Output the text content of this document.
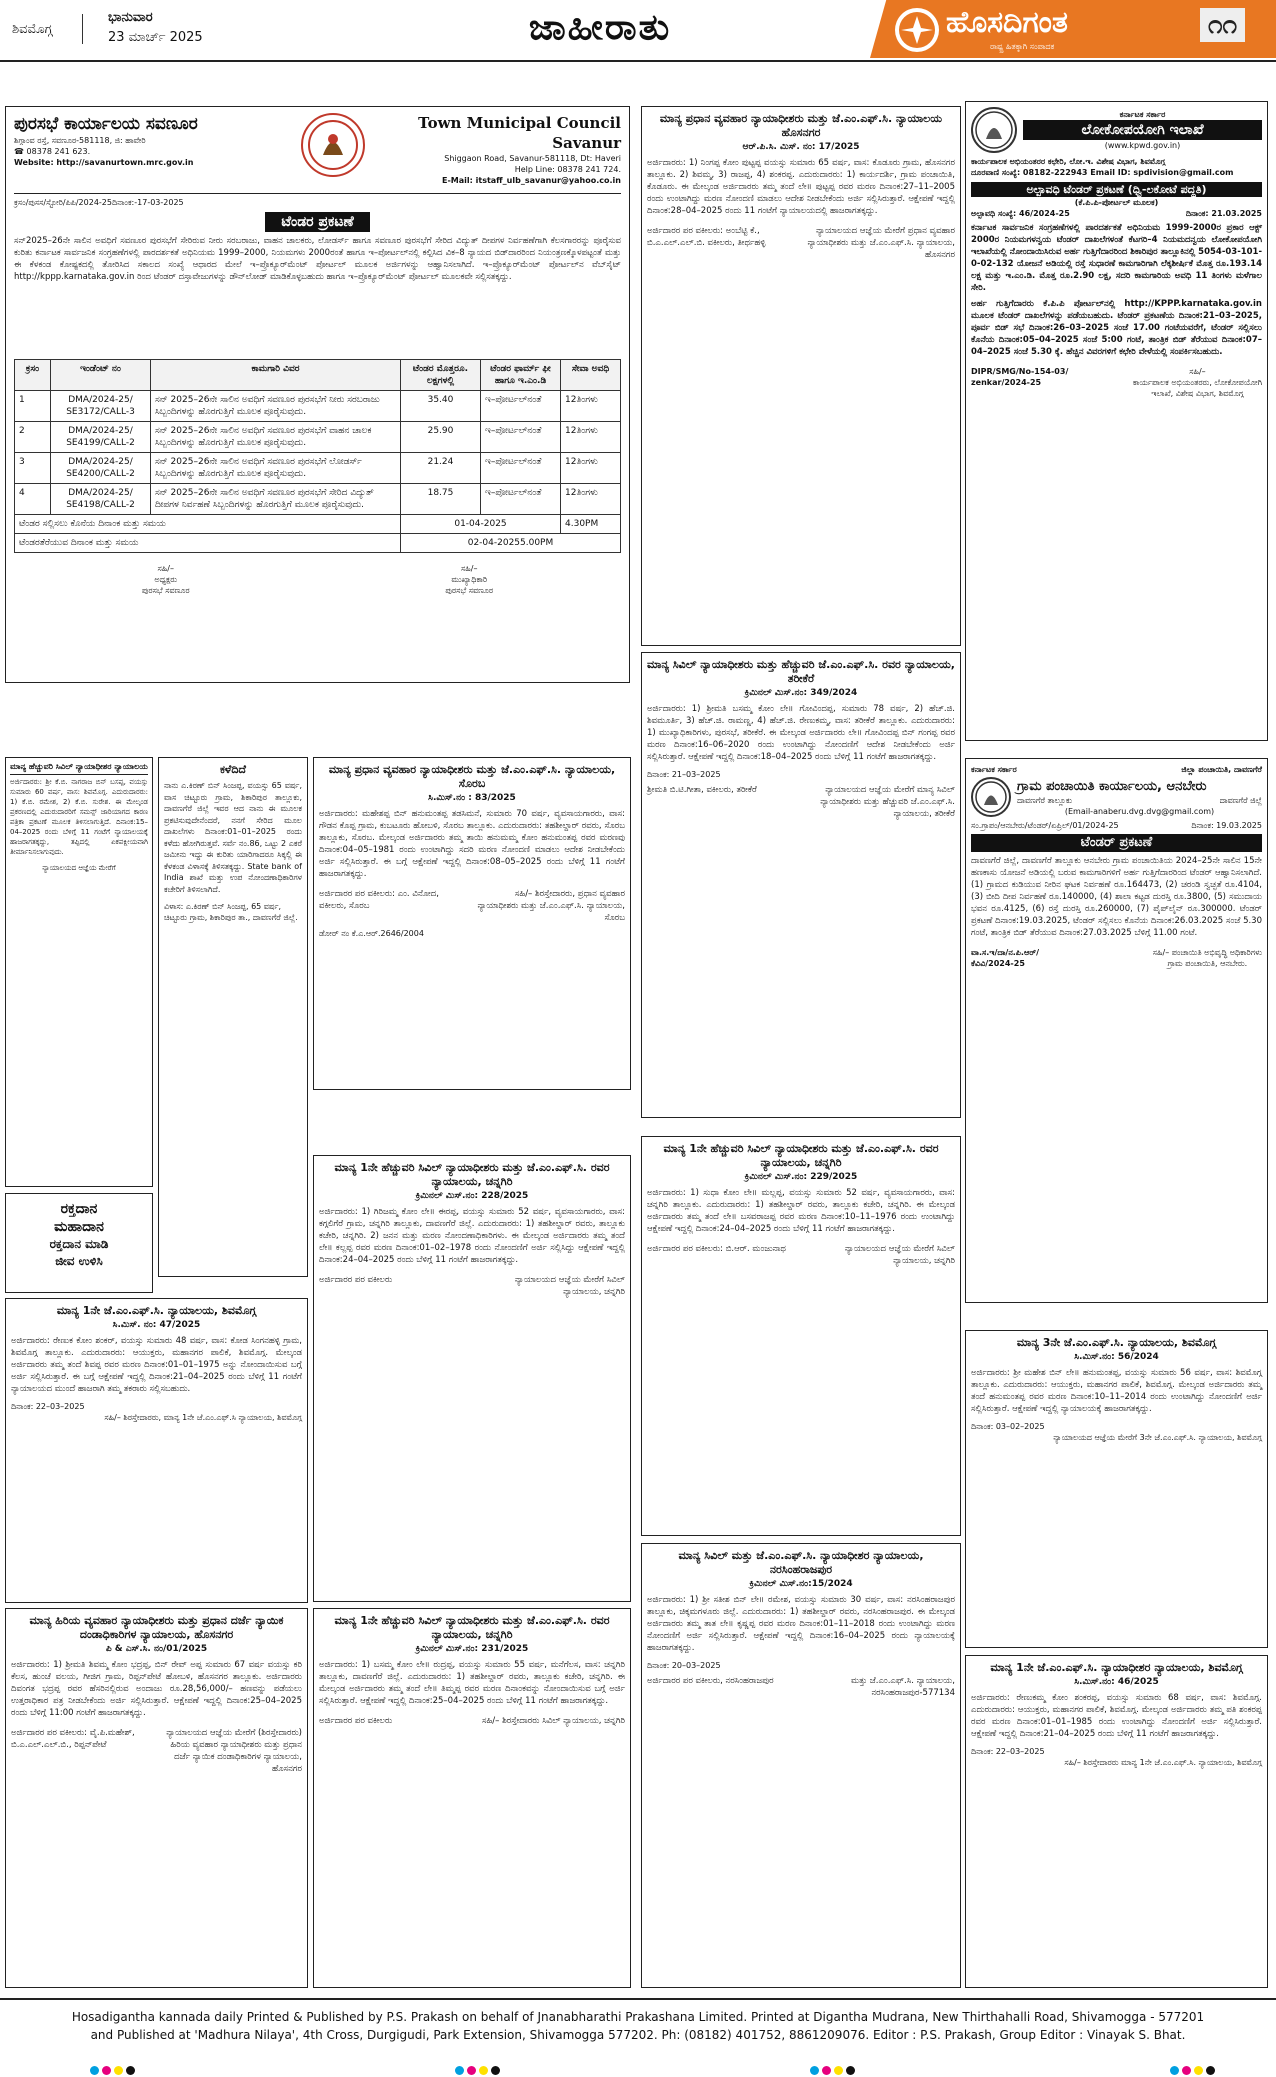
ಶಿವಮೊಗ್ಗ
ಭಾನುವಾರ
23 ಮಾರ್ಚ್ 2025	ಜಾಹೀರಾತು	ಹೊಸದಿಗಂತ
ರಾಷ್ಟ್ರ ಹಿತಕ್ಕಾಗಿ ಸಂಪಾದಕ
೧೧
ಪುರಸಭೆ ಕಾರ್ಯಾಲಯ ಸವಣೂರ
ಶಿಗ್ಗಾಂವ ರಸ್ತೆ, ಸವಣೂರ-581118, ಜಿ: ಹಾವೇರಿ
☎ 08378 241 623.
Website: http://savanurtown.mrc.gov.in
Town Municipal Council Savanur
Shiggaon Road, Savanur-581118, Dt: Haveri
Help Line: 08378 241 724.
E-Mail: itstaff_ulb_savanur@yahoo.co.in
ಕ್ರಸಂ/ಪುಸಸ/ಸ್ಟೋರಿ/ಪಿಪಿ/2024-25ದಿನಾಂಕ:-17-03-2025
ಟೆಂಡರ ಪ್ರಕಟಣೆ
ಸನ್2025–26ನೇ ಸಾಲಿನ ಅವಧಿಗೆ ಸವಣೂರ ಪುರಸಭೆಗೆ ಸೇರಿರುವ ನೀರು ಸರಬರಾಜು, ವಾಹನ ಚಾಲಕರು, ಲೋಡರ್ಸ್ ಹಾಗೂ ಸವಣೂರ ಪುರಸಭೆಗೆ ಸೇರಿದ ವಿದ್ಯುತ್ ದೀಪಗಳ ನಿರ್ವಹಣೆಗಾಗಿ ಕೆಲಸಗಾರರನ್ನು ಪೂರೈಸುವ ಕುರಿತು ಕರ್ನಾಟಕ ಸಾರ್ವಜನಿಕ ಸಂಗ್ರಹಣೆಗಳಲ್ಲಿ ಪಾರದರ್ಶಕತೆ ಅಧಿನಿಯಮ 1999–2000, ನಿಯಮಗಳು 2000ರಂತೆ ಹಾಗೂ ಇ–ಪೋರ್ಟಲ್‌ನಲ್ಲಿ ಕಲ್ಪಿಸಿದ ವಿಕ–8 ನ್ಯಾಯದ ಬಿಡ್‌ದಾರರಿಂದ ನಿಯಂತ್ರಣಕ್ಕೊಳಪಟ್ಟಂತೆ ಮತ್ತು ಈ ಕೆಳಕಂಡ ಕೋಷ್ಟಕದಲ್ಲಿ ತೋರಿಸಿದ ಸಕಾಲದ ಸಂಖ್ಯೆ ಆಧಾರದ ಮೇಲೆ ಇ–ಪ್ರೊಕ್ಯೂರ್‌ಮೆಂಟ್ ಪೋರ್ಟಲ್ ಮೂಲಕ ಅರ್ಜಿಗಳನ್ನು ಆಹ್ವಾನಿಸಲಾಗಿದೆ. ಇ–ಪ್ರೊಕ್ಯೂರ್‌ಮೆಂಟ್ ಪೋರ್ಟಲ್‌ನ ವೆಬ್‌ಸೈಟ್ http://kppp.karnataka.gov.in ರಿಂದ ಟೆಂಡರ್ ದಸ್ತಾವೇಜುಗಳನ್ನು ಡೌನ್‌ಲೋಡ್ ಮಾಡಿಕೊಳ್ಳಬಹುದು ಹಾಗೂ ಇ–ಪ್ರೊಕ್ಯೂರ್‌ಮೆಂಟ್ ಪೋರ್ಟಲ್ ಮೂಲಕವೇ ಸಲ್ಲಿಸತಕ್ಕದ್ದು.
ಕ್ರಸಂ	ಇಂಡೆಂಟ್ ನಂ	ಕಾಮಗಾರಿ ವಿವರ	ಟೆಂಡರ ಮೊತ್ತರೂ. ಲಕ್ಷಗಳಲ್ಲಿ	ಟೆಂಡರ ಫಾರ್ಮ್ ಫೀ ಹಾಗೂ ಇ.ಎಂ.ಡಿ	ಸೇವಾ ಅವಧಿ
1	DMA/2024-25/ SE3172/CALL-3	ಸನ್ 2025–26ನೇ ಸಾಲಿನ ಅವಧಿಗೆ ಸವಣೂರ ಪುರಸಭೆಗೆ ನೀರು ಸರಬರಾಜು ಸಿಬ್ಬಂದಿಗಳನ್ನು ಹೊರಗುತ್ತಿಗೆ ಮೂಲಕ ಪೂರೈಸುವುದು.	35.40	ಇ–ಪೋರ್ಟಲ್‌ನಂತೆ	12ತಿಂಗಳು
2	DMA/2024-25/ SE4199/CALL-2	ಸನ್ 2025–26ನೇ ಸಾಲಿನ ಅವಧಿಗೆ ಸವಣೂರ ಪುರಸಭೆಗೆ ವಾಹನ ಚಾಲಕ ಸಿಬ್ಬಂದಿಗಳನ್ನು ಹೊರಗುತ್ತಿಗೆ ಮೂಲಕ ಪೂರೈಸುವುದು.	25.90	ಇ–ಪೋರ್ಟಲ್‌ನಂತೆ	12ತಿಂಗಳು
3	DMA/2024-25/ SE4200/CALL-2	ಸನ್ 2025–26ನೇ ಸಾಲಿನ ಅವಧಿಗೆ ಸವಣೂರ ಪುರಸಭೆಗೆ ಲೋಡರ್ಸ್ ಸಿಬ್ಬಂದಿಗಳನ್ನು ಹೊರಗುತ್ತಿಗೆ ಮೂಲಕ ಪೂರೈಸುವುದು.	21.24	ಇ–ಪೋರ್ಟಲ್‌ನಂತೆ	12ತಿಂಗಳು
4	DMA/2024-25/ SE4198/CALL-2	ಸನ್ 2025–26ನೇ ಸಾಲಿನ ಅವಧಿಗೆ ಸವಣೂರ ಪುರಸಭೆಗೆ ಸೇರಿದ ವಿದ್ಯುತ್ ದೀಪಗಳ ನಿರ್ವಹಣೆ ಸಿಬ್ಬಂದಿಗಳನ್ನು ಹೊರಗುತ್ತಿಗೆ ಮೂಲಕ ಪೂರೈಸುವುದು.	18.75	ಇ–ಪೋರ್ಟಲ್‌ನಂತೆ	12ತಿಂಗಳು
ಟೆಂಡರ ಸಲ್ಲಿಸಲು ಕೊನೆಯ ದಿನಾಂಕ ಮತ್ತು ಸಮಯ			01-04-2025		4.30PM
ಟೆಂಡರತೆರೆಯುವ ದಿನಾಂಕ ಮತ್ತು ಸಮಯ			02-04-20255.00PM		
ಸಹಿ/–
ಅಧ್ಯಕ್ಷರು
ಪುರಸಭೆ ಸವಣೂರ
ಸಹಿ/–
ಮುಖ್ಯಾಧಿಕಾರಿ
ಪುರಸಭೆ ಸವಣೂರ
ಮಾನ್ಯ ಹೆಚ್ಚುವರಿ ಸಿವಿಲ್ ನ್ಯಾಯಾಧೀಶರ ನ್ಯಾಯಾಲಯ
ಅರ್ಜಿದಾರರು: ಶ್ರೀ ಕೆ.ಬಿ. ನಾಗರಾಜ ಬಿನ್ ಬಸಪ್ಪ, ವಯಸ್ಸು ಸುಮಾರು 60 ವರ್ಷ, ವಾಸ: ಶಿವಮೊಗ್ಗ. ಎದುರುದಾರರು: 1) ಕೆ.ಬಿ. ರಮೇಶ, 2) ಕೆ.ಬಿ. ಸುರೇಶ. ಈ ಮೇಲ್ಕಂಡ ಪ್ರಕರಣದಲ್ಲಿ ಎದುರುದಾರರಿಗೆ ಸಮನ್ಸ್ ಜಾರಿಯಾಗದ ಕಾರಣ ಪತ್ರಿಕಾ ಪ್ರಕಟಣೆ ಮೂಲಕ ತಿಳಿಸಲಾಗುತ್ತಿದೆ. ದಿನಾಂಕ:15–04–2025 ರಂದು ಬೆಳಿಗ್ಗೆ 11 ಗಂಟೆಗೆ ನ್ಯಾಯಾಲಯಕ್ಕೆ ಹಾಜರಾಗತಕ್ಕದ್ದು, ತಪ್ಪಿದಲ್ಲಿ ಏಕಪಕ್ಷೀಯವಾಗಿ ತೀರ್ಮಾನಿಸಲಾಗುವುದು.
ನ್ಯಾಯಾಲಯದ ಆಜ್ಞೆಯ ಮೇರೆಗೆ
ರಕ್ತದಾನ
ಮಹಾದಾನ
ರಕ್ತದಾನ ಮಾಡಿ
ಜೀವ ಉಳಿಸಿ
ಕಳೆದಿದೆ
ನಾನು ಎ.ಕಿರಣ್ ಬಿನ್ ಸಿಂಜಪ್ಪ, ವಯಸ್ಸು 65 ವರ್ಷ, ವಾಸ ಚಿಟ್ಟೂರು ಗ್ರಾಮ, ಶಿಕಾರಿಪುರ ತಾಲ್ಲೂಕು, ದಾವಣಗೆರೆ ಜಿಲ್ಲೆ ಇವರ ಆದ ನಾನು ಈ ಮೂಲಕ ಪ್ರಕಟಿಸುವುದೇನೆಂದರೆ, ನನಗೆ ಸೇರಿದ ಮೂಲ ದಾಖಲೆಗಳು ದಿನಾಂಕ:01–01–2025 ರಂದು ಕಳೆದು ಹೋಗಿರುತ್ತವೆ. ಸರ್ವೆ ನಂ.86, ಒಟ್ಟು 2 ಎಕರೆ ಜಮೀನು ಇದ್ದು ಈ ಕುರಿತು ಯಾರಿಗಾದರೂ ಸಿಕ್ಕಲ್ಲಿ ಈ ಕೆಳಕಂಡ ವಿಳಾಸಕ್ಕೆ ತಿಳಿಸತಕ್ಕದ್ದು. State bank of India ಶಾಖೆ ಮತ್ತು ಉಪ ನೋಂದಣಾಧಿಕಾರಿಗಳ ಕಚೇರಿಗೆ ತಿಳಿಸಲಾಗಿದೆ.
ವಿಳಾಸ: ಎ.ಕಿರಣ್ ಬಿನ್ ಸಿಂಜಪ್ಪ, 65 ವರ್ಷ, ಚಿಟ್ಟೂರು ಗ್ರಾಮ, ಶಿಕಾರಿಪುರ ತಾ., ದಾವಣಗೆರೆ ಜಿಲ್ಲೆ.
ಮಾನ್ಯ 1ನೇ ಜೆ.ಎಂ.ಎಫ್.ಸಿ. ನ್ಯಾಯಾಲಯ, ಶಿವಮೊಗ್ಗ
ಸಿ.ಮಿಸ್. ನಂ: 47/2025
ಅರ್ಜಿದಾರರು: ರೇಣುಕ ಕೋಂ ಶಂಕರ್, ವಯಸ್ಸು ಸುಮಾರು 48 ವರ್ಷ, ವಾಸ: ಕೋಡ ಸಿಂಗನಹಳ್ಳಿ ಗ್ರಾಮ, ಶಿವಮೊಗ್ಗ ತಾಲ್ಲೂಕು. ಎದುರುದಾರರು: ಆಯುಕ್ತರು, ಮಹಾನಗರ ಪಾಲಿಕೆ, ಶಿವಮೊಗ್ಗ. ಮೇಲ್ಕಂಡ ಅರ್ಜಿದಾರರು ತಮ್ಮ ತಂದೆ ಶಿವಪ್ಪ ರವರ ಮರಣ ದಿನಾಂಕ:01–01–1975 ಅನ್ನು ನೋಂದಾಯಿಸುವ ಬಗ್ಗೆ ಅರ್ಜಿ ಸಲ್ಲಿಸಿರುತ್ತಾರೆ. ಈ ಬಗ್ಗೆ ಆಕ್ಷೇಪಣೆ ಇದ್ದಲ್ಲಿ ದಿನಾಂಕ:21–04–2025 ರಂದು ಬೆಳಿಗ್ಗೆ 11 ಗಂಟೆಗೆ ನ್ಯಾಯಾಲಯದ ಮುಂದೆ ಹಾಜರಾಗಿ ತಮ್ಮ ತಕರಾರು ಸಲ್ಲಿಸಬಹುದು.
ದಿನಾಂಕ: 22–03–2025
ಸಹಿ/– ಶಿರಸ್ತೇದಾರರು, ಮಾನ್ಯ 1ನೇ ಜೆ.ಎಂ.ಎಫ್.ಸಿ ನ್ಯಾಯಾಲಯ, ಶಿವಮೊಗ್ಗ
ಮಾನ್ಯ ಹಿರಿಯ ವ್ಯವಹಾರ ನ್ಯಾಯಾಧೀಶರು ಮತ್ತು ಪ್ರಧಾನ ದರ್ಜೆ ನ್ಯಾಯಿಕ ದಂಡಾಧಿಕಾರಿಗಳ ನ್ಯಾಯಾಲಯ, ಹೊಸನಗರ
ಪಿ & ಎಸ್.ಸಿ. ನಂ/01/2025
ಅರ್ಜಿದಾರರು: 1) ಶ್ರೀಮತಿ ಶಿವಮ್ಮ ಕೋಂ ಭದ್ರಪ್ಪ, ಬಿನ್ ರೇವ್ ಅಪ್ಪ ಸುಮಾರು 67 ವರ್ಷ ವಯಸ್ಸು ಕರಿ ಕೆಲಸ, ಹುಂಚೆ ವಲಯ, ಗೀಜಿಗ ಗ್ರಾಮ, ರಿಪ್ಪನ್‌ಪೇಟೆ ಹೋಬಳಿ, ಹೊಸನಗರ ತಾಲ್ಲೂಕು. ಅರ್ಜಿದಾರರು ದಿವಂಗತ ಭದ್ರಪ್ಪ ರವರ ಹೆಸರಿನಲ್ಲಿರುವ ಅಂದಾಜು ರೂ.28,56,000/– ಹಣವನ್ನು ಪಡೆಯಲು ಉತ್ತರಾಧಿಕಾರ ಪತ್ರ ನೀಡಬೇಕೆಂದು ಅರ್ಜಿ ಸಲ್ಲಿಸಿರುತ್ತಾರೆ. ಆಕ್ಷೇಪಣೆ ಇದ್ದಲ್ಲಿ ದಿನಾಂಕ:25–04–2025 ರಂದು ಬೆಳಿಗ್ಗೆ 11:00 ಗಂಟೆಗೆ ಹಾಜರಾಗತಕ್ಕದ್ದು.
ಅರ್ಜಿದಾರರ ಪರ ವಕೀಲರು: ವೈ.ಪಿ.ಮಹೇಶ್, ಬಿ.ಎ.ಎಲ್.ಎಲ್.ಬಿ., ರಿಪ್ಪನ್‌ಪೇಟೆ
ನ್ಯಾಯಾಲಯದ ಆಜ್ಞೆಯ ಮೇರೆಗೆ (ಶಿರಸ್ತೇದಾರರು) ಹಿರಿಯ ವ್ಯವಹಾರ ನ್ಯಾಯಾಧೀಶರು ಮತ್ತು ಪ್ರಧಾನ ದರ್ಜೆ ನ್ಯಾಯಿಕ ದಂಡಾಧಿಕಾರಿಗಳ ನ್ಯಾಯಾಲಯ, ಹೊಸನಗರ
ಮಾನ್ಯ ಪ್ರಧಾನ ವ್ಯವಹಾರ ನ್ಯಾಯಾಧೀಶರು ಮತ್ತು ಜೆ.ಎಂ.ಎಫ್.ಸಿ. ನ್ಯಾಯಾಲಯ, ಸೊರಬ
ಸಿ.ಮಿಸ್.ನಂ : 83/2025
ಅರ್ಜಿದಾರರು: ಮಹೇಶಪ್ಪ ಬಿನ್ ಹನುಮಂತಪ್ಪ ತಡಸಿಮನೆ, ಸುಮಾರು 70 ವರ್ಷ, ವ್ಯವಸಾಯಗಾರರು, ವಾಸ: ಗೌಡನ ಕೊಪ್ಪ ಗ್ರಾಮ, ಕುಬಟೂರು ಹೋಬಳಿ, ಸೊರಬ ತಾಲ್ಲೂಕು. ಎದುರುದಾರರು: ತಹಶೀಲ್ದಾರ್ ರವರು, ಸೊರಬ ತಾಲ್ಲೂಕು, ಸೊರಬ. ಮೇಲ್ಕಂಡ ಅರ್ಜಿದಾರರು ತಮ್ಮ ತಾಯಿ ಹನುಮಮ್ಮ ಕೋಂ ಹನುಮಂತಪ್ಪ ರವರ ಮರಣವು ದಿನಾಂಕ:04–05–1981 ರಂದು ಉಂಟಾಗಿದ್ದು ಸದರಿ ಮರಣ ನೋಂದಣಿ ಮಾಡಲು ಆದೇಶ ನೀಡಬೇಕೆಂದು ಅರ್ಜಿ ಸಲ್ಲಿಸಿರುತ್ತಾರೆ. ಈ ಬಗ್ಗೆ ಆಕ್ಷೇಪಣೆ ಇದ್ದಲ್ಲಿ ದಿನಾಂಕ:08–05–2025 ರಂದು ಬೆಳಿಗ್ಗೆ 11 ಗಂಟೆಗೆ ಹಾಜರಾಗತಕ್ಕದ್ದು.
ಅರ್ಜಿದಾರರ ಪರ ವಕೀಲರು: ಎಂ. ವಿನೋದ, ವಕೀಲರು, ಸೊರಬ
ಸಹಿ/– ಶಿರಸ್ತೇದಾರರು, ಪ್ರಧಾನ ವ್ಯವಹಾರ ನ್ಯಾಯಾಧೀಶರು ಮತ್ತು ಜೆ.ಎಂ.ಎಫ್.ಸಿ. ನ್ಯಾಯಾಲಯ, ಸೊರಬ
ಡೋರ್ ನಂ ಕೆ.ಎ.ಆರ್.2646/2004
ಮಾನ್ಯ 1ನೇ ಹೆಚ್ಚುವರಿ ಸಿವಿಲ್ ನ್ಯಾಯಾಧೀಶರು ಮತ್ತು ಜೆ.ಎಂ.ಎಫ್.ಸಿ. ರವರ ನ್ಯಾಯಾಲಯ, ಚನ್ನಗಿರಿ
ಕ್ರಿಮಿನಲ್ ಮಿಸ್.ನಂ: 228/2025
ಅರ್ಜಿದಾರರು: 1) ಗಿರಿಜಮ್ಮ ಕೋಂ ಲೇ॥ ಈರಪ್ಪ, ವಯಸ್ಸು ಸುಮಾರು 52 ವರ್ಷ, ವ್ಯವಸಾಯಗಾರರು, ವಾಸ: ಕಗ್ಗಲಿಗೆರೆ ಗ್ರಾಮ, ಚನ್ನಗಿರಿ ತಾಲ್ಲೂಕು, ದಾವಣಗೆರೆ ಜಿಲ್ಲೆ. ಎದುರುದಾರರು: 1) ತಹಶೀಲ್ದಾರ್ ರವರು, ತಾಲ್ಲೂಕು ಕಚೇರಿ, ಚನ್ನಗಿರಿ. 2) ಜನನ ಮತ್ತು ಮರಣ ನೋಂದಣಾಧಿಕಾರಿಗಳು. ಈ ಮೇಲ್ಕಂಡ ಅರ್ಜಿದಾರರು ತಮ್ಮ ತಂದೆ ಲೇ॥ ಕಲ್ಲಪ್ಪ ರವರ ಮರಣ ದಿನಾಂಕ:01–02–1978 ರಂದು ನೋಂದಣಿಗೆ ಅರ್ಜಿ ಸಲ್ಲಿಸಿದ್ದು ಆಕ್ಷೇಪಣೆ ಇದ್ದಲ್ಲಿ ದಿನಾಂಕ:24–04–2025 ರಂದು ಬೆಳಿಗ್ಗೆ 11 ಗಂಟೆಗೆ ಹಾಜರಾಗತಕ್ಕದ್ದು.
ಅರ್ಜಿದಾರರ ಪರ ವಕೀಲರು	ನ್ಯಾಯಾಲಯದ ಆಜ್ಞೆಯ ಮೇರೆಗೆ ಸಿವಿಲ್ ನ್ಯಾಯಾಲಯ, ಚನ್ನಗಿರಿ
ಮಾನ್ಯ 1ನೇ ಹೆಚ್ಚುವರಿ ಸಿವಿಲ್ ನ್ಯಾಯಾಧೀಶರು ಮತ್ತು ಜೆ.ಎಂ.ಎಫ್.ಸಿ. ರವರ ನ್ಯಾಯಾಲಯ, ಚನ್ನಗಿರಿ
ಕ್ರಿಮಿನಲ್ ಮಿಸ್.ನಂ: 231/2025
ಅರ್ಜಿದಾರರು: 1) ಬಸಮ್ಮ ಕೋಂ ಲೇ॥ ರುದ್ರಪ್ಪ, ವಯಸ್ಸು ಸುಮಾರು 55 ವರ್ಷ, ಮನೆಗೆಲಸ, ವಾಸ: ಚನ್ನಗಿರಿ ತಾಲ್ಲೂಕು, ದಾವಣಗೆರೆ ಜಿಲ್ಲೆ. ಎದುರುದಾರರು: 1) ತಹಶೀಲ್ದಾರ್ ರವರು, ತಾಲ್ಲೂಕು ಕಚೇರಿ, ಚನ್ನಗಿರಿ. ಈ ಮೇಲ್ಕಂಡ ಅರ್ಜಿದಾರರು ತಮ್ಮ ತಂದೆ ಲೇ॥ ತಿಮ್ಮಪ್ಪ ರವರ ಮರಣ ದಿನಾಂಕವನ್ನು ನೋಂದಾಯಿಸುವ ಬಗ್ಗೆ ಅರ್ಜಿ ಸಲ್ಲಿಸಿರುತ್ತಾರೆ. ಆಕ್ಷೇಪಣೆ ಇದ್ದಲ್ಲಿ ದಿನಾಂಕ:25–04–2025 ರಂದು ಬೆಳಿಗ್ಗೆ 11 ಗಂಟೆಗೆ ಹಾಜರಾಗತಕ್ಕದ್ದು.
ಅರ್ಜಿದಾರರ ಪರ ವಕೀಲರು	ಸಹಿ/– ಶಿರಸ್ತೇದಾರರು ಸಿವಿಲ್ ನ್ಯಾಯಾಲಯ, ಚನ್ನಗಿರಿ
ಮಾನ್ಯ ಪ್ರಧಾನ ವ್ಯವಹಾರ ನ್ಯಾಯಾಧೀಶರು ಮತ್ತು ಜೆ.ಎಂ.ಎಫ್.ಸಿ. ನ್ಯಾಯಾಲಯ ಹೊಸನಗರ
ಆರ್.ಪಿ.ಸಿ. ಮಿಸ್. ನಂ: 17/2025
ಅರ್ಜಿದಾರರು: 1) ನಿಂಗಪ್ಪ ಕೋಂ ಪುಟ್ಟಪ್ಪ ವಯಸ್ಸು ಸುಮಾರು 65 ವರ್ಷ, ವಾಸ: ಕೊಡೂರು ಗ್ರಾಮ, ಹೊಸನಗರ ತಾಲ್ಲೂಕು. 2) ಶಿವಮ್ಮ, 3) ರಾಜಪ್ಪ, 4) ಶಂಕರಪ್ಪ. ಎದುರುದಾರರು: 1) ಕಾರ್ಯದರ್ಶಿ, ಗ್ರಾಮ ಪಂಚಾಯಿತಿ, ಕೊಡೂರು. ಈ ಮೇಲ್ಕಂಡ ಅರ್ಜಿದಾರರು ತಮ್ಮ ತಂದೆ ಲೇ॥ ಪುಟ್ಟಪ್ಪ ರವರ ಮರಣ ದಿನಾಂಕ:27–11–2005 ರಂದು ಉಂಟಾಗಿದ್ದು ಮರಣ ನೋಂದಣಿ ಮಾಡಲು ಆದೇಶ ನೀಡಬೇಕೆಂದು ಅರ್ಜಿ ಸಲ್ಲಿಸಿರುತ್ತಾರೆ. ಆಕ್ಷೇಪಣೆ ಇದ್ದಲ್ಲಿ ದಿನಾಂಕ:28–04–2025 ರಂದು 11 ಗಂಟೆಗೆ ನ್ಯಾಯಾಲಯದಲ್ಲಿ ಹಾಜರಾಗತಕ್ಕದ್ದು.
ಅರ್ಜಿದಾರರ ಪರ ವಕೀಲರು: ಅಂಬೆಟ್ಟಿ ಕೆ., ಬಿ.ಎ.ಎಲ್.ಎಲ್.ಬಿ. ವಕೀಲರು, ತೀರ್ಥಹಳ್ಳಿ
ನ್ಯಾಯಾಲಯದ ಆಜ್ಞೆಯ ಮೇರೆಗೆ ಪ್ರಧಾನ ವ್ಯವಹಾರ ನ್ಯಾಯಾಧೀಶರು ಮತ್ತು ಜೆ.ಎಂ.ಎಫ್.ಸಿ. ನ್ಯಾಯಾಲಯ, ಹೊಸನಗರ
ಮಾನ್ಯ ಸಿವಿಲ್ ನ್ಯಾಯಾಧೀಶರು ಮತ್ತು ಹೆಚ್ಚುವರಿ ಜೆ.ಎಂ.ಎಫ್.ಸಿ. ರವರ ನ್ಯಾಯಾಲಯ, ತರೀಕೆರೆ
ಕ್ರಿಮಿನಲ್ ಮಿಸ್.ನಂ: 349/2024
ಅರ್ಜಿದಾರರು: 1) ಶ್ರೀಮತಿ ಬಸಮ್ಮ ಕೋಂ ಲೇ॥ ಗೋವಿಂದಪ್ಪ, ಸುಮಾರು 78 ವರ್ಷ, 2) ಹೆಚ್.ಜಿ. ಶಿವಮೂರ್ತಿ, 3) ಹೆಚ್.ಜಿ. ರಾಮಣ್ಣ, 4) ಹೆಚ್.ಜಿ. ರೇಣುಕಮ್ಮ, ವಾಸ: ತರೀಕೆರೆ ತಾಲ್ಲೂಕು. ಎದುರುದಾರರು: 1) ಮುಖ್ಯಾಧಿಕಾರಿಗಳು, ಪುರಸಭೆ, ತರೀಕೆರೆ. ಈ ಮೇಲ್ಕಂಡ ಅರ್ಜಿದಾರರು ಲೇ॥ ಗೋವಿಂದಪ್ಪ ಬಿನ್ ಗಂಗಪ್ಪ ರವರ ಮರಣ ದಿನಾಂಕ:16–06–2020 ರಂದು ಉಂಟಾಗಿದ್ದು ನೋಂದಣಿಗೆ ಆದೇಶ ನೀಡಬೇಕೆಂದು ಅರ್ಜಿ ಸಲ್ಲಿಸಿರುತ್ತಾರೆ. ಆಕ್ಷೇಪಣೆ ಇದ್ದಲ್ಲಿ ದಿನಾಂಕ:18–04–2025 ರಂದು ಬೆಳಿಗ್ಗೆ 11 ಗಂಟೆಗೆ ಹಾಜರಾಗತಕ್ಕದ್ದು.
ದಿನಾಂಕ: 21–03–2025
ಶ್ರೀಮತಿ ಬಿ.ಟಿ.ಗೀತಾ, ವಕೀಲರು, ತರೀಕೆರೆ	ನ್ಯಾಯಾಲಯದ ಆಜ್ಞೆಯ ಮೇರೆಗೆ ಮಾನ್ಯ ಸಿವಿಲ್ ನ್ಯಾಯಾಧೀಶರು ಮತ್ತು ಹೆಚ್ಚುವರಿ ಜೆ.ಎಂ.ಎಫ್.ಸಿ. ನ್ಯಾಯಾಲಯ, ತರೀಕೆರೆ
ಮಾನ್ಯ 1ನೇ ಹೆಚ್ಚುವರಿ ಸಿವಿಲ್ ನ್ಯಾಯಾಧೀಶರು ಮತ್ತು ಜೆ.ಎಂ.ಎಫ್.ಸಿ. ರವರ ನ್ಯಾಯಾಲಯ, ಚನ್ನಗಿರಿ
ಕ್ರಿಮಿನಲ್ ಮಿಸ್.ನಂ: 229/2025
ಅರ್ಜಿದಾರರು: 1) ಸುಧಾ ಕೋಂ ಲೇ॥ ಮಲ್ಲಪ್ಪ, ವಯಸ್ಸು ಸುಮಾರು 52 ವರ್ಷ, ವ್ಯವಸಾಯಗಾರರು, ವಾಸ: ಚನ್ನಗಿರಿ ತಾಲ್ಲೂಕು. ಎದುರುದಾರರು: 1) ತಹಶೀಲ್ದಾರ್ ರವರು, ತಾಲ್ಲೂಕು ಕಚೇರಿ, ಚನ್ನಗಿರಿ. ಈ ಮೇಲ್ಕಂಡ ಅರ್ಜಿದಾರರು ತಮ್ಮ ತಂದೆ ಲೇ॥ ಬಸವರಾಜಪ್ಪ ರವರ ಮರಣ ದಿನಾಂಕ:10–11–1976 ರಂದು ಉಂಟಾಗಿದ್ದು ಆಕ್ಷೇಪಣೆ ಇದ್ದಲ್ಲಿ ದಿನಾಂಕ:24–04–2025 ರಂದು ಬೆಳಿಗ್ಗೆ 11 ಗಂಟೆಗೆ ಹಾಜರಾಗತಕ್ಕದ್ದು.
ಅರ್ಜಿದಾರರ ಪರ ವಕೀಲರು: ಬಿ.ಆರ್. ಮಂಜುನಾಥ	ನ್ಯಾಯಾಲಯದ ಆಜ್ಞೆಯ ಮೇರೆಗೆ ಸಿವಿಲ್ ನ್ಯಾಯಾಲಯ, ಚನ್ನಗಿರಿ
ಮಾನ್ಯ ಸಿವಿಲ್ ಮತ್ತು ಜೆ.ಎಂ.ಎಫ್.ಸಿ. ನ್ಯಾಯಾಧೀಶರ ನ್ಯಾಯಾಲಯ, ನರಸಿಂಹರಾಜಪುರ
ಕ್ರಿಮಿನಲ್ ಮಿಸ್.ನಂ:15/2024
ಅರ್ಜಿದಾರರು: 1) ಶ್ರೀ ಸತೀಶ ಬಿನ್ ಲೇ॥ ರಮೇಶ, ವಯಸ್ಸು ಸುಮಾರು 30 ವರ್ಷ, ವಾಸ: ನರಸಿಂಹರಾಜಪುರ ತಾಲ್ಲೂಕು, ಚಿಕ್ಕಮಗಳೂರು ಜಿಲ್ಲೆ. ಎದುರುದಾರರು: 1) ತಹಶೀಲ್ದಾರ್ ರವರು, ನರಸಿಂಹರಾಜಪುರ. ಈ ಮೇಲ್ಕಂಡ ಅರ್ಜಿದಾರರು ತಮ್ಮ ತಾತ ಲೇ॥ ಕೃಷ್ಣಪ್ಪ ರವರ ಮರಣ ದಿನಾಂಕ:01–11–2018 ರಂದು ಉಂಟಾಗಿದ್ದು ಮರಣ ನೋಂದಣಿಗೆ ಅರ್ಜಿ ಸಲ್ಲಿಸಿರುತ್ತಾರೆ. ಆಕ್ಷೇಪಣೆ ಇದ್ದಲ್ಲಿ ದಿನಾಂಕ:16–04–2025 ರಂದು ನ್ಯಾಯಾಲಯಕ್ಕೆ ಹಾಜರಾಗತಕ್ಕದ್ದು.
ದಿನಾಂಕ: 20–03–2025
ಅರ್ಜಿದಾರರ ಪರ ವಕೀಲರು, ನರಸಿಂಹರಾಜಪುರ	ಮತ್ತು ಜೆ.ಎಂ.ಎಫ್.ಸಿ. ನ್ಯಾಯಾಲಯ, ನರಸಿಂಹರಾಜಪುರ-577134
ಕರ್ನಾಟಕ ಸರ್ಕಾರ
ಲೋಕೋಪಯೋಗಿ ಇಲಾಖೆ
(www.kpwd.gov.in)
ಕಾರ್ಯಪಾಲಕ ಅಭಿಯಂತರರ ಕಛೇರಿ, ಲೋ.ಇ. ವಿಶೇಷ ವಿಭಾಗ, ಶಿವಮೊಗ್ಗ
ದೂರವಾಣಿ ಸಂಖ್ಯೆ: 08182-222943 Email ID: spdivision@gmail.com
ಅಲ್ಪಾವಧಿ ಟೆಂಡರ್ ಪ್ರಕಟಣೆ (ಧ್ವಿ-ಲಕೋಟೆ ಪದ್ಧತಿ)
(ಕೆ.ಪಿ.ಪಿ-ಪೋರ್ಟಲ್ ಮೂಲಕ)
ಅಲ್ಪಾವಧಿ ಸಂಖ್ಯೆ: 46/2024-25	ದಿನಾಂಕ: 21.03.2025
ಕರ್ನಾಟಕ ಸಾರ್ವಜನಿಕ ಸಂಗ್ರಹಣೆಗಳಲ್ಲಿ ಪಾರದರ್ಶಕತೆ ಅಧಿನಿಯಮ 1999-2000ರ ಪ್ರಕಾರ ಆಕ್ಟ್ 2000ರ ನಿಯಮಗಳನ್ವಯ ಟೆಂಡರ್ ದಾಖಲೆಗಳಂತೆ ಕೆಟಗರಿ–4 ನಿಯಮದನ್ವಯ ಲೋಕೋಪಯೋಗಿ ಇಲಾಖೆಯಲ್ಲಿ ನೋಂದಾಯಿಸಿರುವ ಅರ್ಹ ಗುತ್ತಿಗೆದಾರರಿಂದ ಶಿಕಾರಿಪುರ ತಾಲ್ಲೂಕಿನಲ್ಲಿ 5054-03-101-0-02-132 ಯೋಜನೆ ಅಡಿಯಲ್ಲಿ ರಸ್ತೆ ಸುಧಾರಣೆ ಕಾಮಗಾರಿಗಾಗಿ ಲೆಕ್ಕಶೀರ್ಷಿಕೆ ಮೊತ್ತ ರೂ.193.14 ಲಕ್ಷ ಮತ್ತು ಇ.ಎಂ.ಡಿ. ಮೊತ್ತ ರೂ.2.90 ಲಕ್ಷ, ಸದರಿ ಕಾಮಗಾರಿಯ ಅವಧಿ 11 ತಿಂಗಳು ಮಳೆಗಾಲ ಸೇರಿ.
ಅರ್ಹ ಗುತ್ತಿಗೆದಾರರು ಕೆ.ಪಿ.ಪಿ ಪೋರ್ಟಲ್‌ನಲ್ಲಿ http://KPPP.karnataka.gov.in ಮೂಲಕ ಟೆಂಡರ್ ದಾಖಲೆಗಳನ್ನು ಪಡೆಯಬಹುದು. ಟೆಂಡರ್ ಪ್ರಕಟಣೆಯ ದಿನಾಂಕ:21–03–2025, ಪೂರ್ವ ಬಿಡ್ ಸಭೆ ದಿನಾಂಕ:26–03–2025 ಸಂಜೆ 17.00 ಗಂಟೆಯವರೆಗೆ, ಟೆಂಡರ್ ಸಲ್ಲಿಸಲು ಕೊನೆಯ ದಿನಾಂಕ:05–04–2025 ಸಂಜೆ 5:00 ಗಂಟೆ, ತಾಂತ್ರಿಕ ಬಿಡ್ ತೆರೆಯುವ ದಿನಾಂಕ:07–04–2025 ಸಂಜೆ 5.30 ಕ್ಕೆ. ಹೆಚ್ಚಿನ ವಿವರಗಳಿಗೆ ಕಛೇರಿ ವೇಳೆಯಲ್ಲಿ ಸಂಪರ್ಕಿಸಬಹುದು.
DIPR/SMG/No-154-03/
zenkar/2024-25
ಸಹಿ/–
ಕಾರ್ಯಪಾಲಕ ಅಭಿಯಂತರರು, ಲೋಕೋಪಯೋಗಿ
ಇಲಾಖೆ, ವಿಶೇಷ ವಿಭಾಗ, ಶಿವಮೊಗ್ಗ
ಕರ್ನಾಟಕ ಸರ್ಕಾರ	ಜಿಲ್ಲಾ ಪಂಚಾಯಿತಿ, ದಾವಣಗೆರೆ
ಗ್ರಾಮ ಪಂಚಾಯಿತಿ ಕಾರ್ಯಾಲಯ, ಆನಬೇರು
ದಾವಣಗೆರೆ ತಾಲ್ಲೂಕು	ದಾವಣಗೆರೆ ಜಿಲ್ಲೆ
(Email-anaberu.dvg.dvg@gmail.com)
ಸಂ.ಗ್ರಾಪಂ/ಆನಬೇರು/ಟೆಂಡರ್/ಏಪ್ರಿಲ್/01/2024-25	ದಿನಾಂಕ: 19.03.2025
ಟೆಂಡರ್ ಪ್ರಕಟಣೆ
ದಾವಣಗೆರೆ ಜಿಲ್ಲೆ, ದಾವಣಗೆರೆ ತಾಲ್ಲೂಕು ಆನಬೇರು ಗ್ರಾಮ ಪಂಚಾಯಿತಿಯ 2024–25ನೇ ಸಾಲಿನ 15ನೇ ಹಣಕಾಸು ಯೋಜನೆ ಅಡಿಯಲ್ಲಿ ಬರುವ ಕಾಮಗಾರಿಗಳಿಗೆ ಅರ್ಹ ಗುತ್ತಿಗೆದಾರರಿಂದ ಟೆಂಡರ್ ಆಹ್ವಾನಿಸಲಾಗಿದೆ. (1) ಗ್ರಾಮದ ಕುಡಿಯುವ ನೀರಿನ ಘಟಕ ನಿರ್ವಹಣೆ ರೂ.164473, (2) ಚರಂಡಿ ಸ್ವಚ್ಛತೆ ರೂ.4104, (3) ಬೀದಿ ದೀಪ ನಿರ್ವಹಣೆ ರೂ.140000, (4) ಶಾಲಾ ಕಟ್ಟಡ ದುರಸ್ತಿ ರೂ.3800, (5) ಸಮುದಾಯ ಭವನ ರೂ.4125, (6) ರಸ್ತೆ ದುರಸ್ತಿ ರೂ.260000, (7) ಪೈಪ್‌ಲೈನ್ ರೂ.300000. ಟೆಂಡರ್ ಪ್ರಕಟಣೆ ದಿನಾಂಕ:19.03.2025, ಟೆಂಡರ್ ಸಲ್ಲಿಸಲು ಕೊನೆಯ ದಿನಾಂಕ:26.03.2025 ಸಂಜೆ 5.30 ಗಂಟೆ, ತಾಂತ್ರಿಕ ಬಿಡ್ ತೆರೆಯುವ ದಿನಾಂಕ:27.03.2025 ಬೆಳಿಗ್ಗೆ 11.00 ಗಂಟೆ.
ವಾ.ಸ.ಇ/ದಾ/ನ.ಪಿ.ಆರ್/
ಕೆವಿವಿ/2024-25
ಸಹಿ/– ಪಂಚಾಯಿತಿ ಅಭಿವೃದ್ಧಿ ಅಧಿಕಾರಿಗಳು
ಗ್ರಾಮ ಪಂಚಾಯಿತಿ, ಆನಬೇರು.
ಮಾನ್ಯ 3ನೇ ಜೆ.ಎಂ.ಎಫ್.ಸಿ. ನ್ಯಾಯಾಲಯ, ಶಿವಮೊಗ್ಗ
ಸಿ.ಮಿಸ್.ನಂ: 56/2024
ಅರ್ಜಿದಾರರು: ಶ್ರೀ ಮಹೇಶ ಬಿನ್ ಲೇ॥ ಹನುಮಂತಪ್ಪ, ವಯಸ್ಸು ಸುಮಾರು 56 ವರ್ಷ, ವಾಸ: ಶಿವಮೊಗ್ಗ ತಾಲ್ಲೂಕು. ಎದುರುದಾರರು: ಆಯುಕ್ತರು, ಮಹಾನಗರ ಪಾಲಿಕೆ, ಶಿವಮೊಗ್ಗ. ಮೇಲ್ಕಂಡ ಅರ್ಜಿದಾರರು ತಮ್ಮ ತಂದೆ ಹನುಮಂತಪ್ಪ ರವರ ಮರಣ ದಿನಾಂಕ:10–11–2014 ರಂದು ಉಂಟಾಗಿದ್ದು ನೋಂದಣಿಗೆ ಅರ್ಜಿ ಸಲ್ಲಿಸಿರುತ್ತಾರೆ. ಆಕ್ಷೇಪಣೆ ಇದ್ದಲ್ಲಿ ನ್ಯಾಯಾಲಯಕ್ಕೆ ಹಾಜರಾಗತಕ್ಕದ್ದು.
ದಿನಾಂಕ: 03–02–2025
ನ್ಯಾಯಾಲಯದ ಆಜ್ಞೆಯ ಮೇರೆಗೆ 3ನೇ ಜೆ.ಎಂ.ಎಫ್.ಸಿ. ನ್ಯಾಯಾಲಯ, ಶಿವಮೊಗ್ಗ
ಮಾನ್ಯ 1ನೇ ಜೆ.ಎಂ.ಎಫ್.ಸಿ. ನ್ಯಾಯಾಧೀಶರ ನ್ಯಾಯಾಲಯ, ಶಿವಮೊಗ್ಗ
ಸಿ.ಮಿಸ್.ನಂ: 46/2025
ಅರ್ಜಿದಾರರು: ರೇಣುಕಮ್ಮ ಕೋಂ ಶಂಕರಪ್ಪ, ವಯಸ್ಸು ಸುಮಾರು 68 ವರ್ಷ, ವಾಸ: ಶಿವಮೊಗ್ಗ. ಎದುರುದಾರರು: ಆಯುಕ್ತರು, ಮಹಾನಗರ ಪಾಲಿಕೆ, ಶಿವಮೊಗ್ಗ. ಮೇಲ್ಕಂಡ ಅರ್ಜಿದಾರರು ತಮ್ಮ ಪತಿ ಶಂಕರಪ್ಪ ರವರ ಮರಣ ದಿನಾಂಕ:01–01–1985 ರಂದು ಉಂಟಾಗಿದ್ದು ನೋಂದಣಿಗೆ ಅರ್ಜಿ ಸಲ್ಲಿಸಿರುತ್ತಾರೆ. ಆಕ್ಷೇಪಣೆ ಇದ್ದಲ್ಲಿ ದಿನಾಂಕ:21–04–2025 ರಂದು ಬೆಳಿಗ್ಗೆ 11 ಗಂಟೆಗೆ ಹಾಜರಾಗತಕ್ಕದ್ದು.
ದಿನಾಂಕ: 22–03–2025
ಸಹಿ/– ಶಿರಸ್ತೇದಾರರು ಮಾನ್ಯ 1ನೇ ಜೆ.ಎಂ.ಎಫ್.ಸಿ. ನ್ಯಾಯಾಲಯ, ಶಿವಮೊಗ್ಗ
Hosadigantha kannada daily Printed & Published by P.S. Prakash on behalf of Jnanabharathi Prakashana Limited. Printed at Digantha Mudrana, New Thirthahalli Road, Shivamogga - 577201
and Published at 'Madhura Nilaya', 4th Cross, Durgigudi, Park Extension, Shivamogga 577202. Ph: (08182) 401752, 8861209076. Editor : P.S. Prakash, Group Editor : Vinayak S. Bhat.
